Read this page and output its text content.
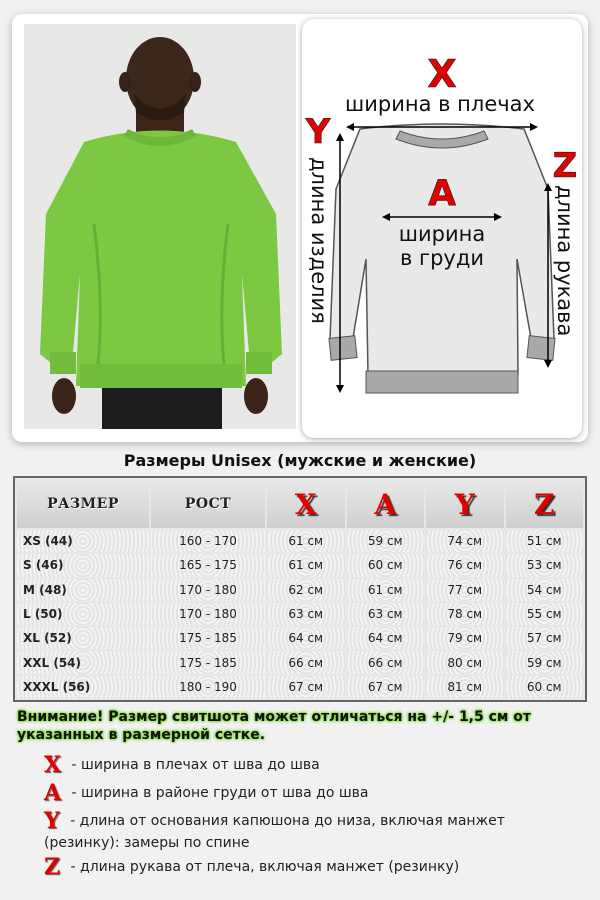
X
ширина в плечах
A
ширина
в груди
Y
длина изделия	Z
длина рукава
Размеры Unisex (мужские и женские)
РАЗМЕР	РОСТ	X	A	Y	Z
XS (44)	160 - 170	61 см	59 см	74 см	51 см
S (46)	165 - 175	61 см	60 см	76 см	53 см
M (48)	170 - 180	62 см	61 см	77 см	54 см
L (50)	170 - 180	63 см	63 см	78 см	55 см
XL (52)	175 - 185	64 см	64 см	79 см	57 см
XXL (54)	175 - 185	66 см	66 см	80 см	59 см
XXXL (56)	180 - 190	67 см	67 см	81 см	60 см
Внимание! Размер свитшота может отличаться на +/- 1,5 см от указанных в размерной сетке.
X - ширина в плечах от шва до шва
A - ширина в районе груди от шва до шва
Y - длина от основания капюшона до низа, включая манжет (резинку): замеры по спине
Z - длина рукава от плеча, включая манжет (резинку)
